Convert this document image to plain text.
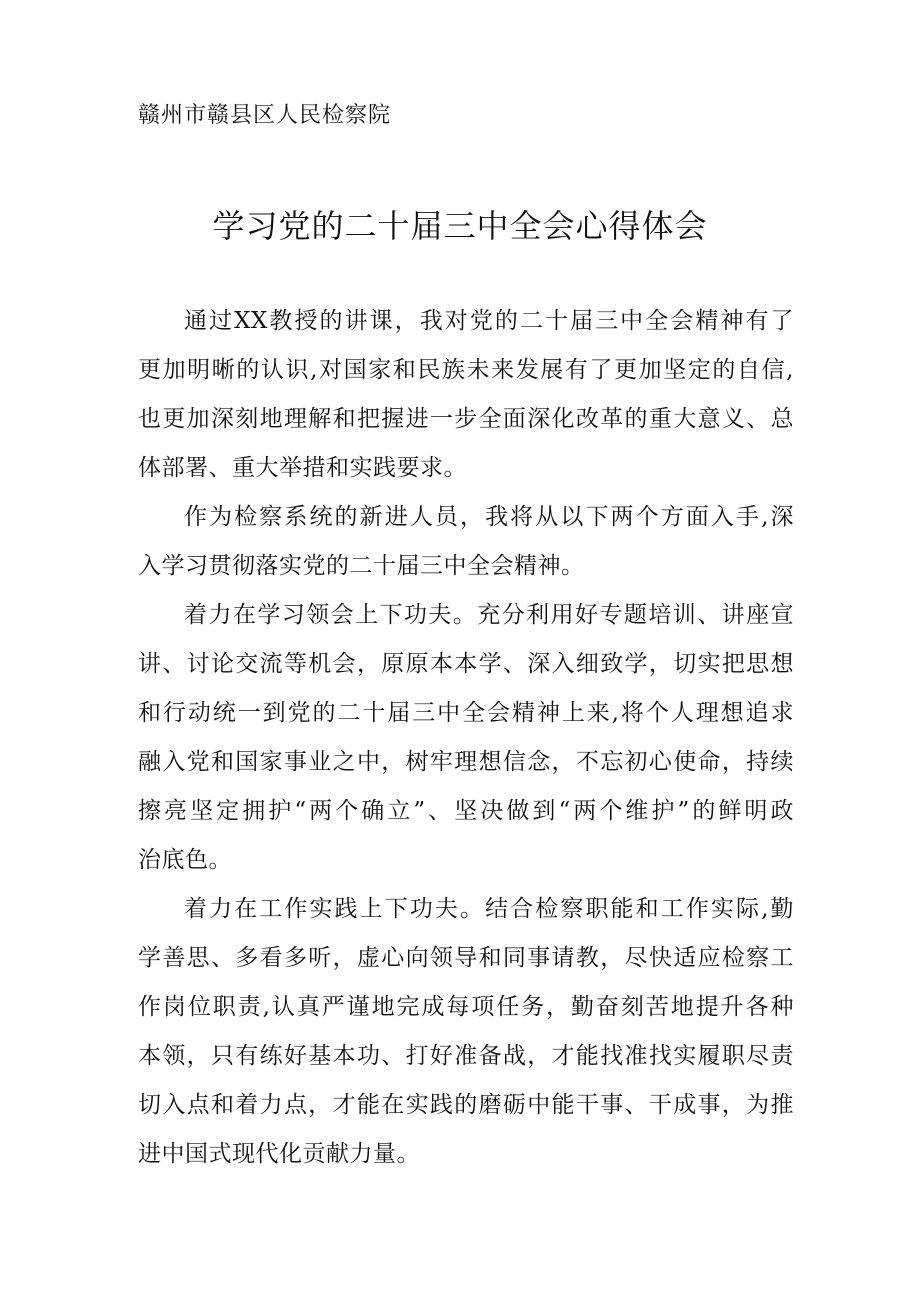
赣州市赣县区人民检察院
学习党的二十届三中全会心得体会

通过XX教授的讲课，我对党的二十届三中全会精神有了
更加明晰的认识,对国家和民族未来发展有了更加坚定的自信,
也更加深刻地理解和把握进一步全面深化改革的重大意义、总
体部署、重大举措和实践要求。

作为检察系统的新进人员，我将从以下两个方面入手,深
入学习贯彻落实党的二十届三中全会精神。

着力在学习领会上下功夫。充分利用好专题培训、讲座宣
讲、讨论交流等机会，原原本本学、深入细致学，切实把思想
和行动统一到党的二十届三中全会精神上来,将个人理想追求
融入党和国家事业之中，树牢理想信念，不忘初心使命，持续
擦亮坚定拥护“两个确立”、坚决做到“两个维护”的鲜明政
治底色。

着力在工作实践上下功夫。结合检察职能和工作实际,勤
学善思、多看多听，虚心向领导和同事请教，尽快适应检察工
作岗位职责,认真严谨地完成每项任务，勤奋刻苦地提升各种
本领，只有练好基本功、打好准备战，才能找准找实履职尽责
切入点和着力点，才能在实践的磨砺中能干事、干成事，为推
进中国式现代化贡献力量。
